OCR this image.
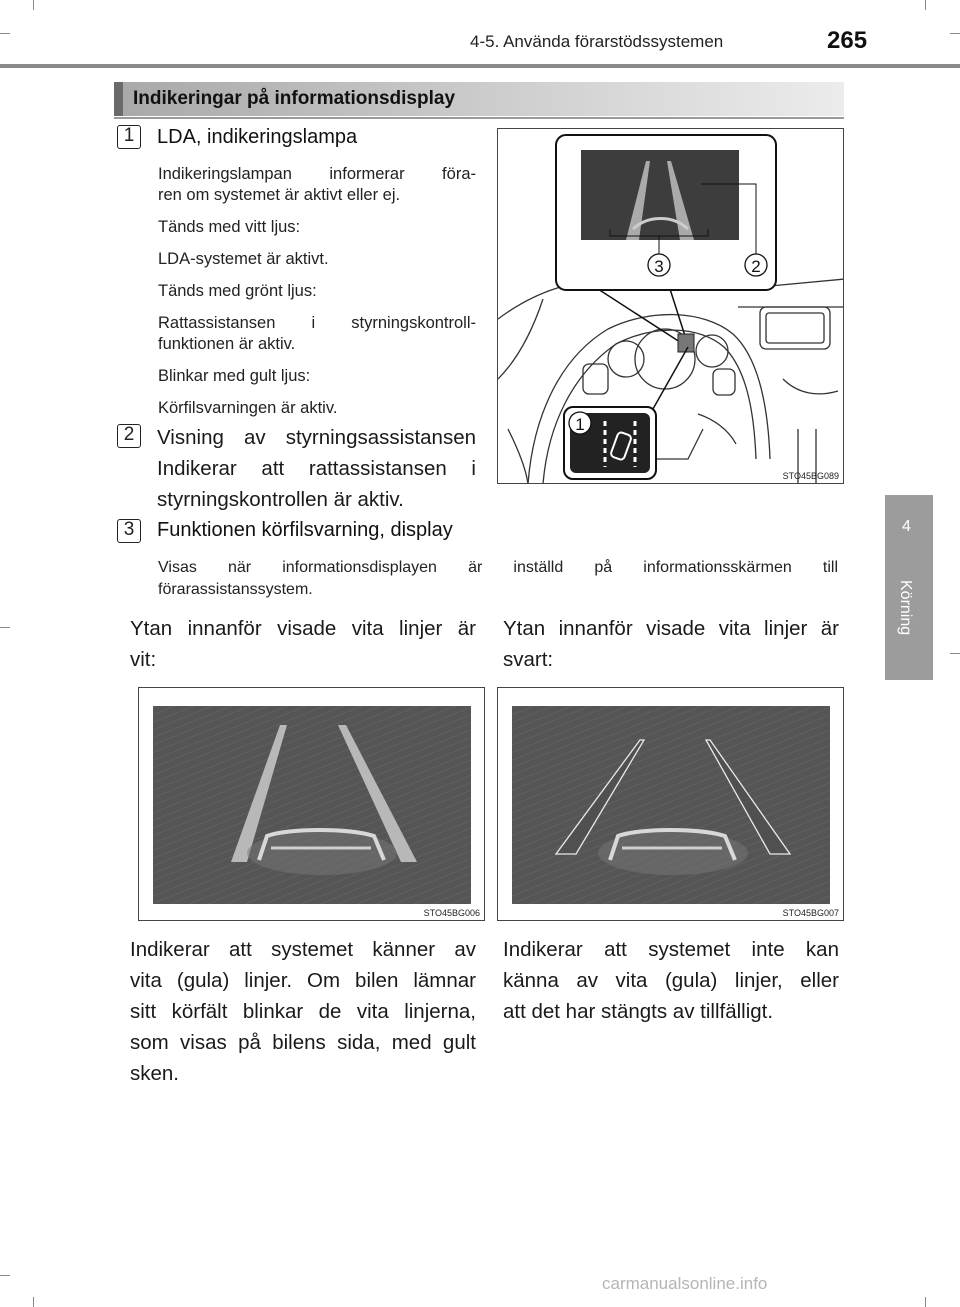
4-5. Använda förarstödssystemen	265
4
Körning
Indikeringar på informationsdisplay
1 LDA, indikeringslampa
Indikeringslampan informerar föra-
ren om systemet är aktivt eller ej.
Tänds med vitt ljus:
LDA-systemet är aktivt.
Tänds med grönt ljus:
Rattassistansen i styrningskontroll-
funktionen är aktiv.
Blinkar med gult ljus:
Körfilsvarningen är aktiv.
2 Visning av styrningsassistansen
Indikerar att rattassistansen i
styrningskontrollen är aktiv.
3 Funktionen körfilsvarning, display
Visas när informationsdisplayen är inställd på informationsskärmen till
förarassistanssystem.
3	2
1
STO45BG089
Ytan innanför visade vita linjer är
vit:
Ytan innanför visade vita linjer är
svart:
STO45BG006	STO45BG007
Indikerar att systemet känner av
vita (gula) linjer. Om bilen lämnar
sitt körfält blinkar de vita linjerna,
som visas på bilens sida, med gult
sken.
Indikerar att systemet inte kan
känna av vita (gula) linjer, eller
att det har stängts av tillfälligt.
carmanualsonline.info
